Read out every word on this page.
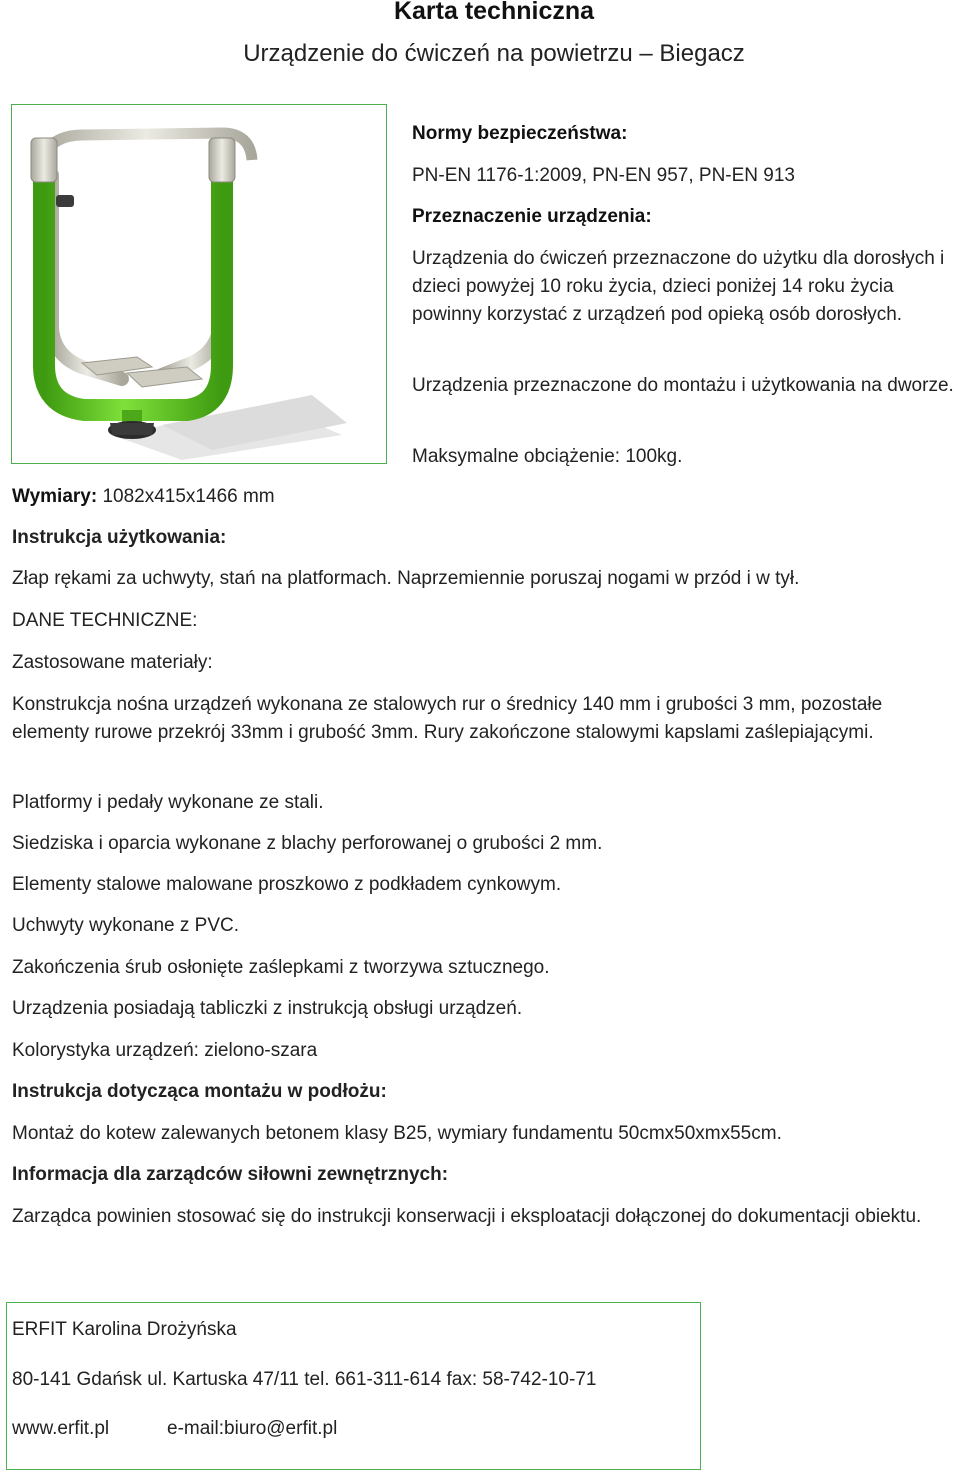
Karta techniczna
Urządzenie do ćwiczeń na powietrzu – Biegacz
Normy bezpieczeństwa:
PN-EN 1176-1:2009, PN-EN 957, PN-EN 913
Przeznaczenie urządzenia:
Urządzenia do ćwiczeń przeznaczone do użytku dla dorosłych i dzieci powyżej 10 roku życia, dzieci poniżej 14 roku życia powinny korzystać z urządzeń pod opieką osób dorosłych.
Urządzenia przeznaczone do montażu i użytkowania na dworze.
Maksymalne obciążenie: 100kg.
Wymiary: 1082x415x1466 mm
Instrukcja użytkowania:
Złap rękami za uchwyty, stań na platformach. Naprzemiennie poruszaj nogami w przód i w tył.
DANE TECHNICZNE:
Zastosowane materiały:
Konstrukcja nośna urządzeń wykonana ze stalowych rur o średnicy 140 mm i grubości 3 mm, pozostałe elementy rurowe przekrój 33mm i grubość 3mm. Rury zakończone stalowymi kapslami zaślepiającymi.
Platformy i pedały wykonane ze stali.
Siedziska i oparcia wykonane z blachy perforowanej o grubości 2 mm.
Elementy stalowe malowane proszkowo z podkładem cynkowym.
Uchwyty wykonane z PVC.
Zakończenia śrub osłonięte zaślepkami z tworzywa sztucznego.
Urządzenia posiadają tabliczki z instrukcją obsługi urządzeń.
Kolorystyka urządzeń: zielono-szara
Instrukcja dotycząca montażu w podłożu:
Montaż do kotew zalewanych betonem klasy B25, wymiary fundamentu 50cmx50xmx55cm.
Informacja dla zarządców siłowni zewnętrznych:
Zarządca powinien stosować się do instrukcji konserwacji i eksploatacji dołączonej do dokumentacji obiektu.
ERFIT Karolina Drożyńska
80-141 Gdańsk ul. Kartuska 47/11 tel. 661-311-614 fax: 58-742-10-71
www.erfit.pl	e-mail:biuro@erfit.pl
